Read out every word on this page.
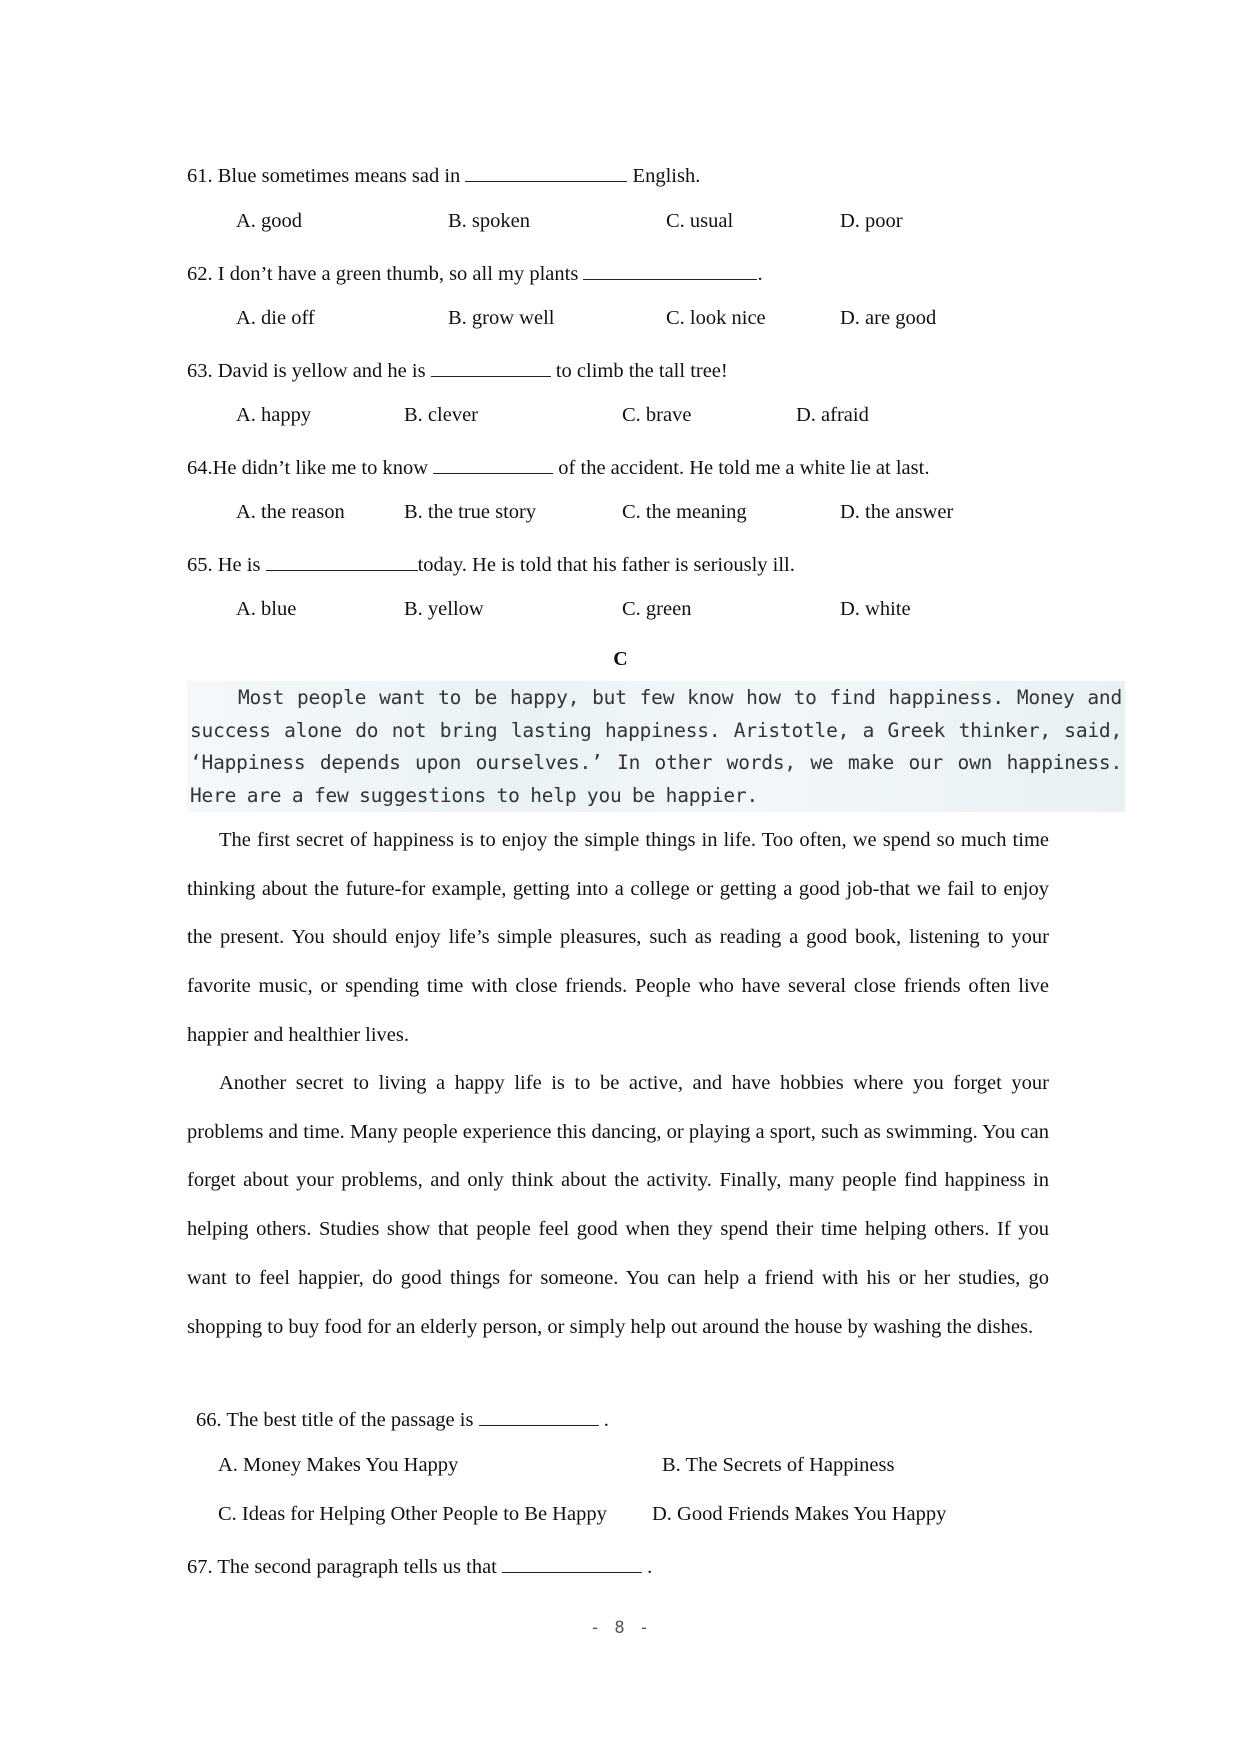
61. Blue sometimes means sad in	English.
A. good	B. spoken	C. usual	D. poor
62. I don’t have a green thumb, so all my plants	.
A. die off	B. grow well	C. look nice	D. are good
63. David is yellow and he is	to climb the tall tree!
A. happy	B. clever	C. brave	D. afraid
64.He didn’t like me to know	of the accident. He told me a white lie at last.
A. the reason	B. the true story	C. the meaning	D. the answer
65. He is	today. He is told that his father is seriously ill.
A. blue	B. yellow	C. green	D. white
C

Most people want to be happy, but few know how to find happiness. Money and success alone do not bring lasting happiness. Aristotle, a Greek thinker, said, ‘Happiness depends upon ourselves.’ In other words, we make our own happiness. Here are a few suggestions to help you be happier.

The first secret of happiness is to enjoy the simple things in life. Too often, we spend so much time thinking about the future-for example, getting into a college or getting a good job-that we fail to enjoy the present. You should enjoy life’s simple pleasures, such as reading a good book, listening to your favorite music, or spending time with close friends. People who have several close friends often live happier and healthier lives.

Another secret to living a happy life is to be active, and have hobbies where you forget your problems and time. Many people experience this dancing, or playing a sport, such as swimming. You can forget about your problems, and only think about the activity. Finally, many people find happiness in helping others. Studies show that people feel good when they spend their time helping others. If you want to feel happier, do good things for someone. You can help a friend with his or her studies, go shopping to buy food for an elderly person, or simply help out around the house by washing the dishes.

66. The best title of the passage is	.
A. Money Makes You Happy	B. The Secrets of Happiness
C. Ideas for Helping Other People to Be Happy D. Good Friends Makes You Happy
67. The second paragraph tells us that	.
- 8 -
